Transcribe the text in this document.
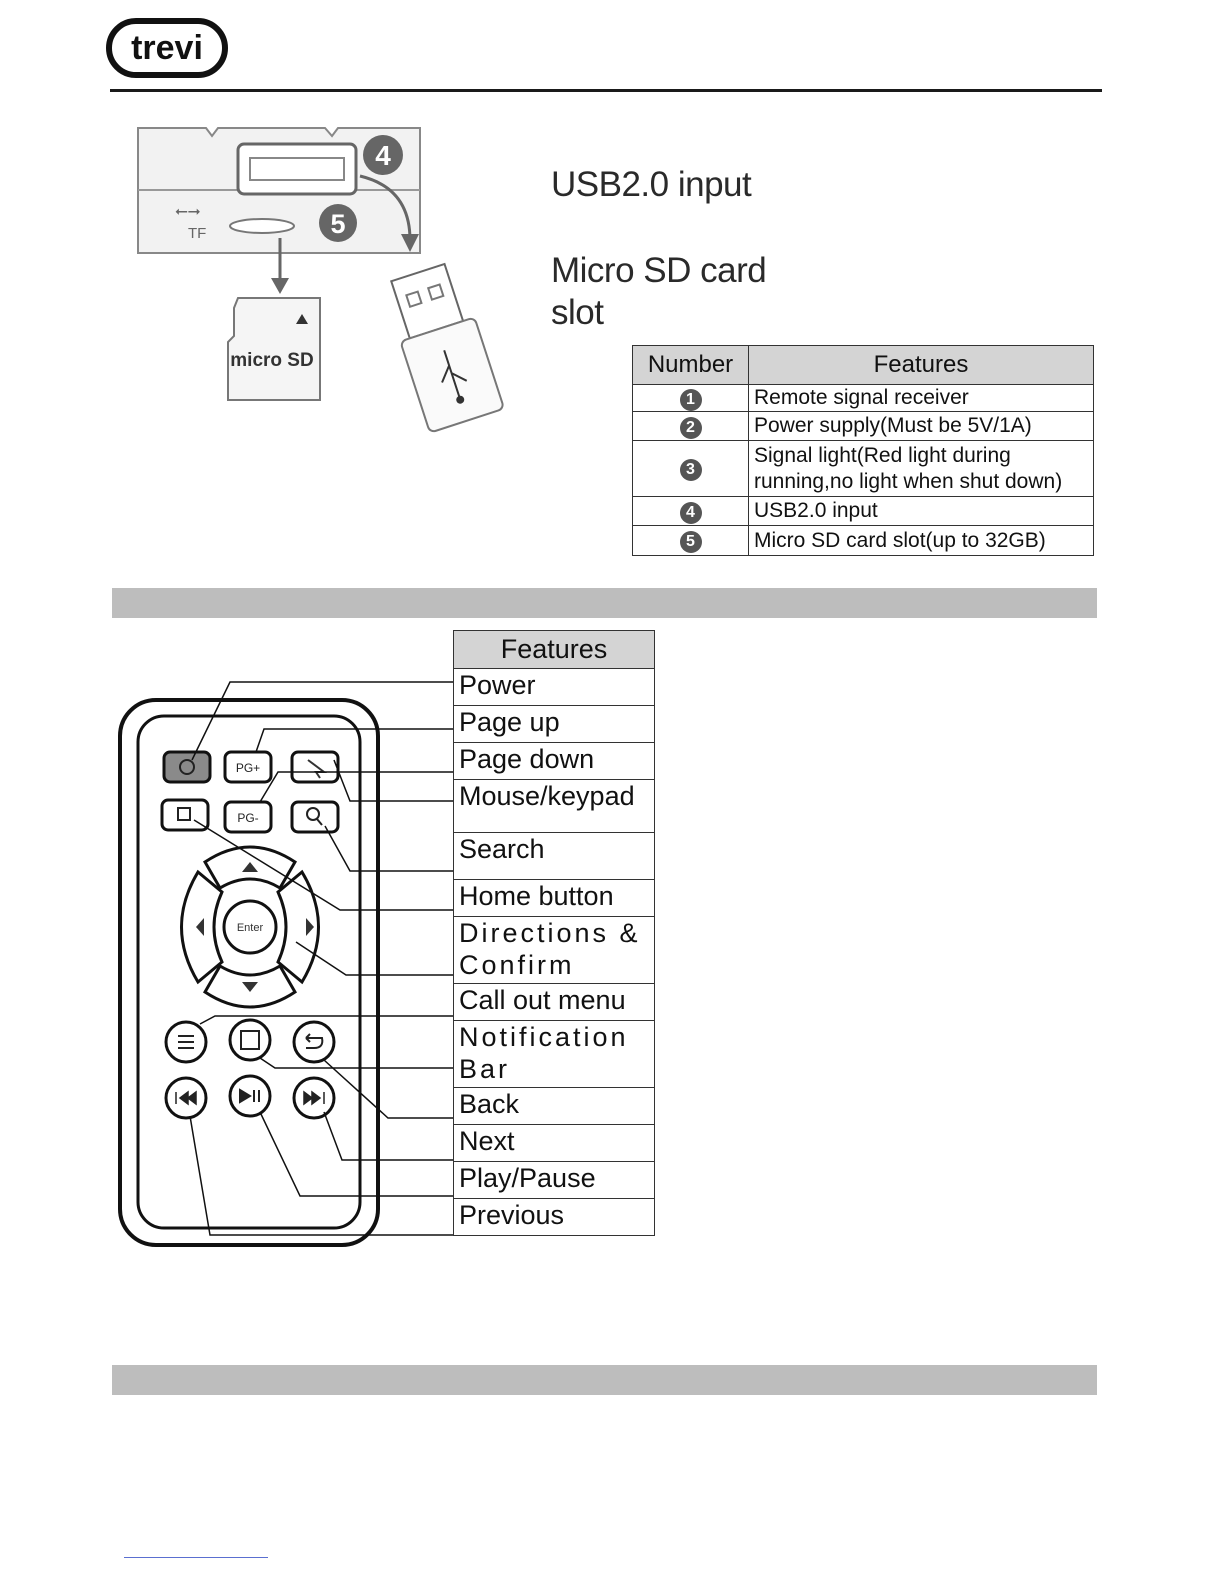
trevi
⭠⭢
TF
4
5
micro SD
USB2.0 input
Micro SD card slot
Number	Features
1	Remote signal receiver
2	Power supply(Must be 5V/1A)
3	Signal light(Red light during running,no light when shut down)
4	USB2.0 input
5	Micro SD card slot(up to 32GB)
PG+
PG-
Enter
Features
Power
Page up
Page down
Mouse/keypad
Search
Home button
Directions & Confirm
Call out menu
Notification Bar
Back
Next
Play/Pause
Previous
